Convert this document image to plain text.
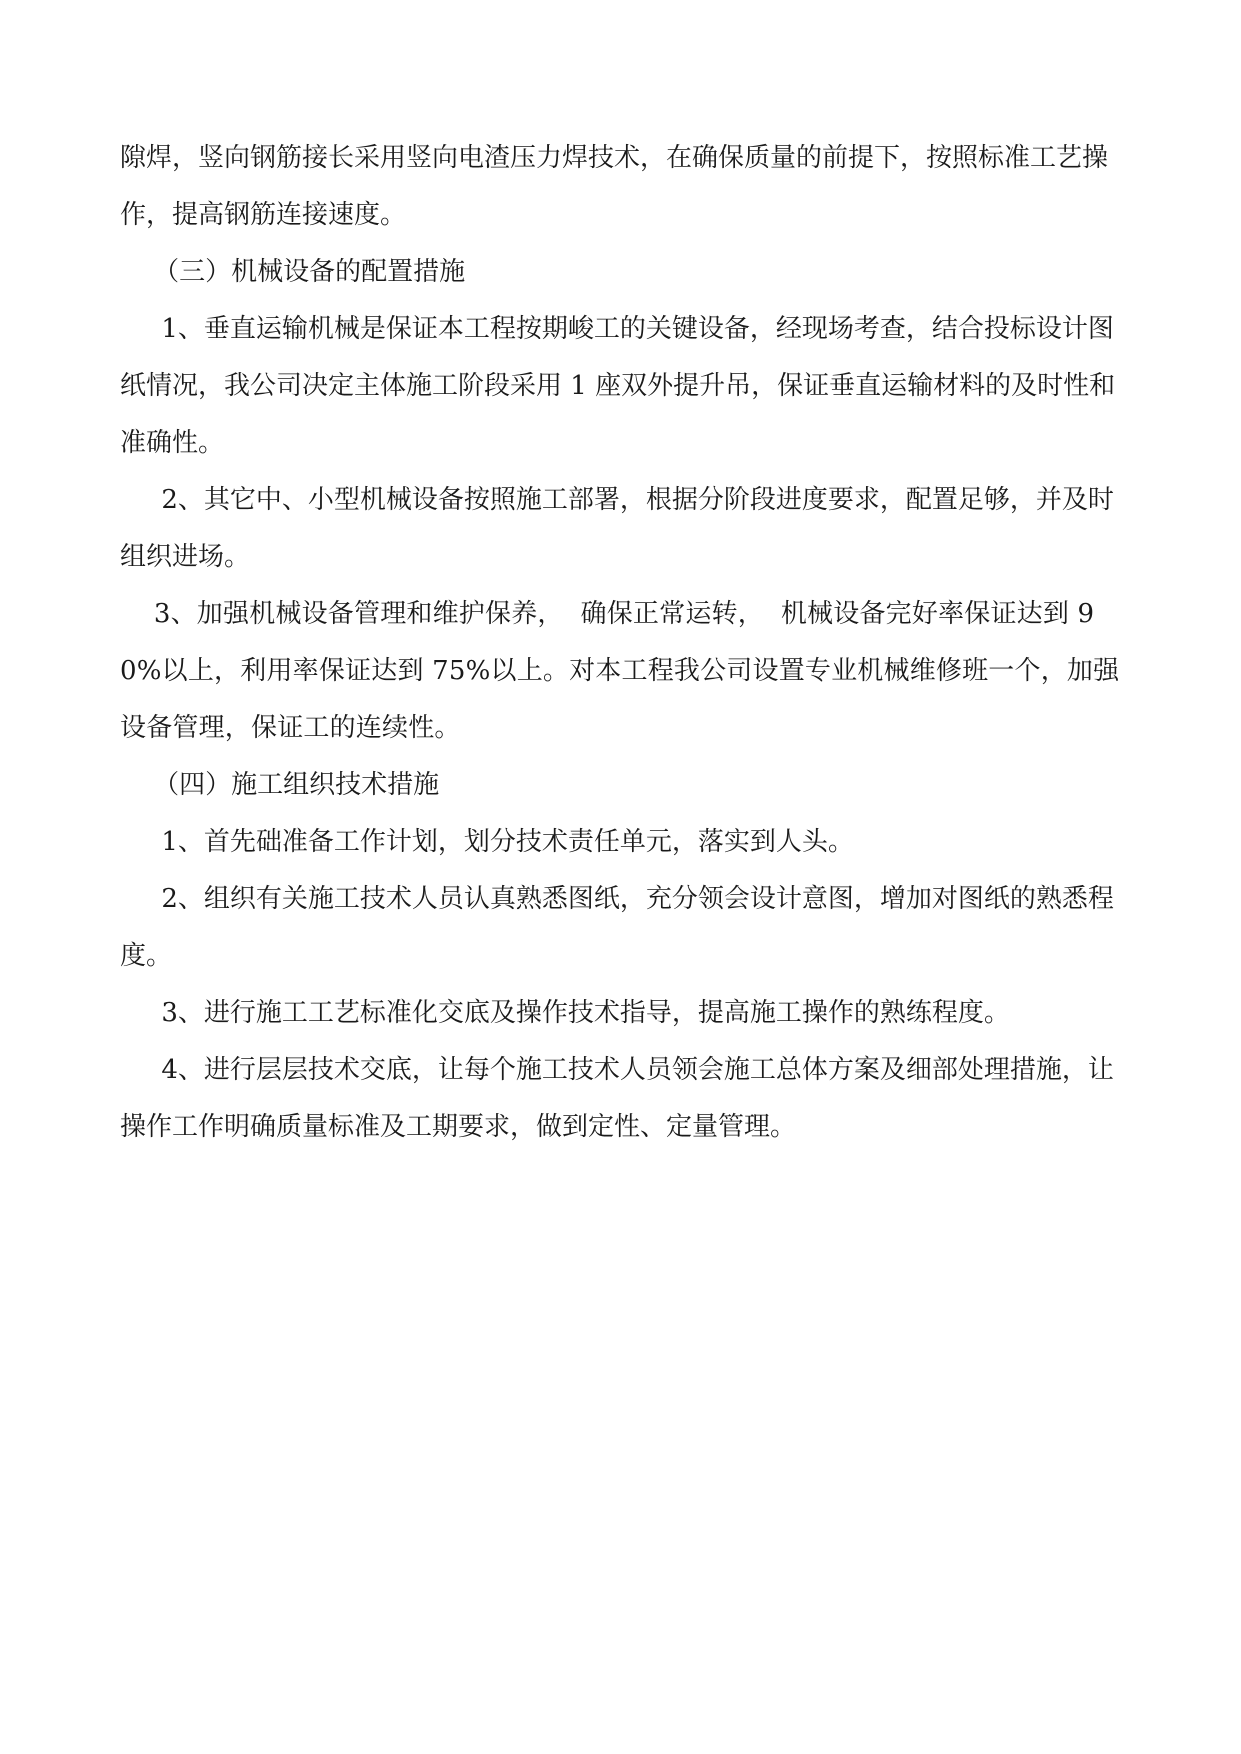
隙焊，竖向钢筋接长采用竖向电渣压力焊技术，在确保质量的前提下，按照标准工艺操作，提高钢筋连接速度。

（三）机械设备的配置措施

1、垂直运输机械是保证本工程按期峻工的关键设备，经现场考查，结合投标设计图纸情况，我公司决定主体施工阶段采用 1 座双外提升吊，保证垂直运输材料的及时性和准确性。

2、其它中、小型机械设备按照施工部署，根据分阶段进度要求，配置足够，并及时组织进场。

3、加强机械设备管理和维护保养，  确保正常运转，  机械设备完好率保证达到 90%以上，利用率保证达到 75%以上。对本工程我公司设置专业机械维修班一个，加强设备管理，保证工的连续性。

（四）施工组织技术措施

1、首先础准备工作计划，划分技术责任单元，落实到人头。

2、组织有关施工技术人员认真熟悉图纸，充分领会设计意图，增加对图纸的熟悉程度。

3、进行施工工艺标准化交底及操作技术指导，提高施工操作的熟练程度。

4、进行层层技术交底，让每个施工技术人员领会施工总体方案及细部处理措施，让操作工作明确质量标准及工期要求，做到定性、定量管理。
